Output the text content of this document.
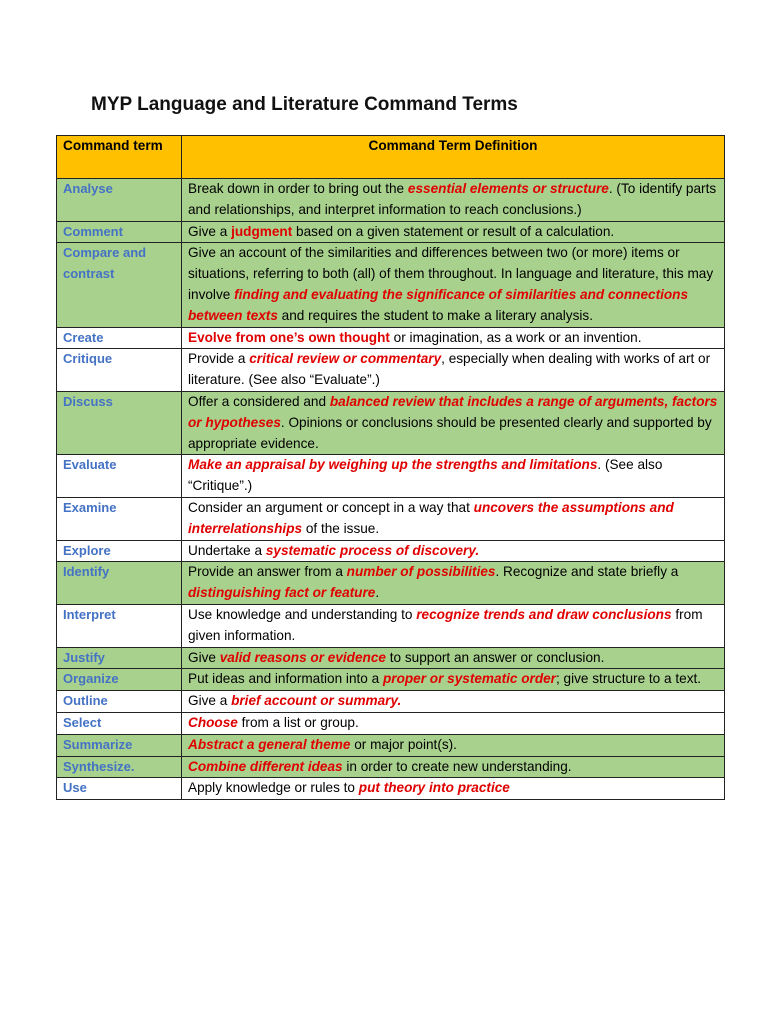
MYP Language and Literature Command Terms
Command term	Command Term Definition
Analyse	Break down in order to bring out the essential elements or structure. (To identify parts and relationships, and interpret information to reach conclusions.)
Comment	Give a judgment based on a given statement or result of a calculation.
Compare and contrast	Give an account of the similarities and differences between two (or more) items or situations, referring to both (all) of them throughout. In language and literature, this may involve finding and evaluating the significance of similarities and connections between texts and requires the student to make a literary analysis.
Create	Evolve from one’s own thought or imagination, as a work or an invention.
Critique	Provide a critical review or commentary, especially when dealing with works of art or literature. (See also “Evaluate”.)
Discuss	Offer a considered and balanced review that includes a range of arguments, factors or hypotheses. Opinions or conclusions should be presented clearly and supported by appropriate evidence.
Evaluate	Make an appraisal by weighing up the strengths and limitations. (See also “Critique”.)
Examine	Consider an argument or concept in a way that uncovers the assumptions and interrelationships of the issue.
Explore	Undertake a systematic process of discovery.
Identify	Provide an answer from a number of possibilities. Recognize and state briefly a distinguishing fact or feature.
Interpret	Use knowledge and understanding to recognize trends and draw conclusions from given information.
Justify	Give valid reasons or evidence to support an answer or conclusion.
Organize	Put ideas and information into a proper or systematic order; give structure to a text.
Outline	Give a brief account or summary.
Select	Choose from a list or group.
Summarize	Abstract a general theme or major point(s).
Synthesize.	Combine different ideas in order to create new understanding.
Use	Apply knowledge or rules to put theory into practice
